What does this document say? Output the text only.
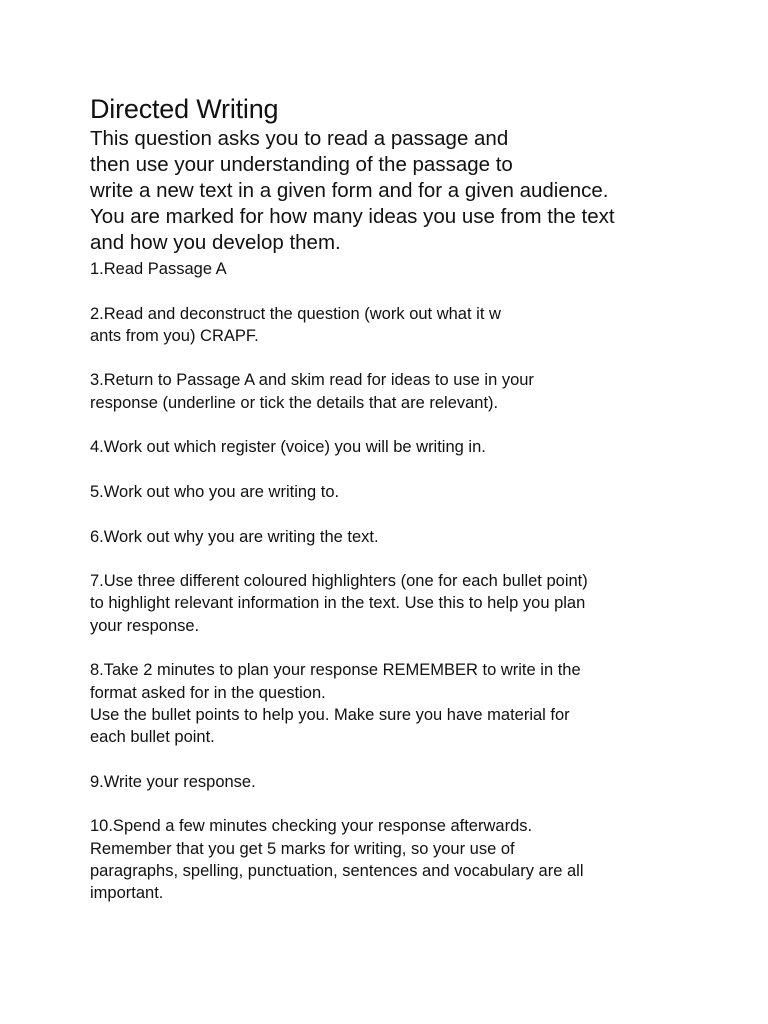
Directed Writing

This question asks you to read a passage and
then use your understanding of the passage to
write a new text in a given form and for a given audience.
You are marked for how many ideas you use from the text
and how you develop them.

1.Read Passage A
2.Read and deconstruct the question (work out what it w
ants from you) CRAPF.
3.Return to Passage A and skim read for ideas to use in your
response (underline or tick the details that are relevant).
4.Work out which register (voice) you will be writing in.
5.Work out who you are writing to.
6.Work out why you are writing the text.
7.Use three different coloured highlighters (one for each bullet point)
to highlight relevant information in the text. Use this to help you plan
your response.
8.Take 2 minutes to plan your response REMEMBER to write in the
format asked for in the question.
Use the bullet points to help you. Make sure you have material for
each bullet point.
9.Write your response.
10.Spend a few minutes checking your response afterwards.
Remember that you get 5 marks for writing, so your use of
paragraphs, spelling, punctuation, sentences and vocabulary are all
important.
